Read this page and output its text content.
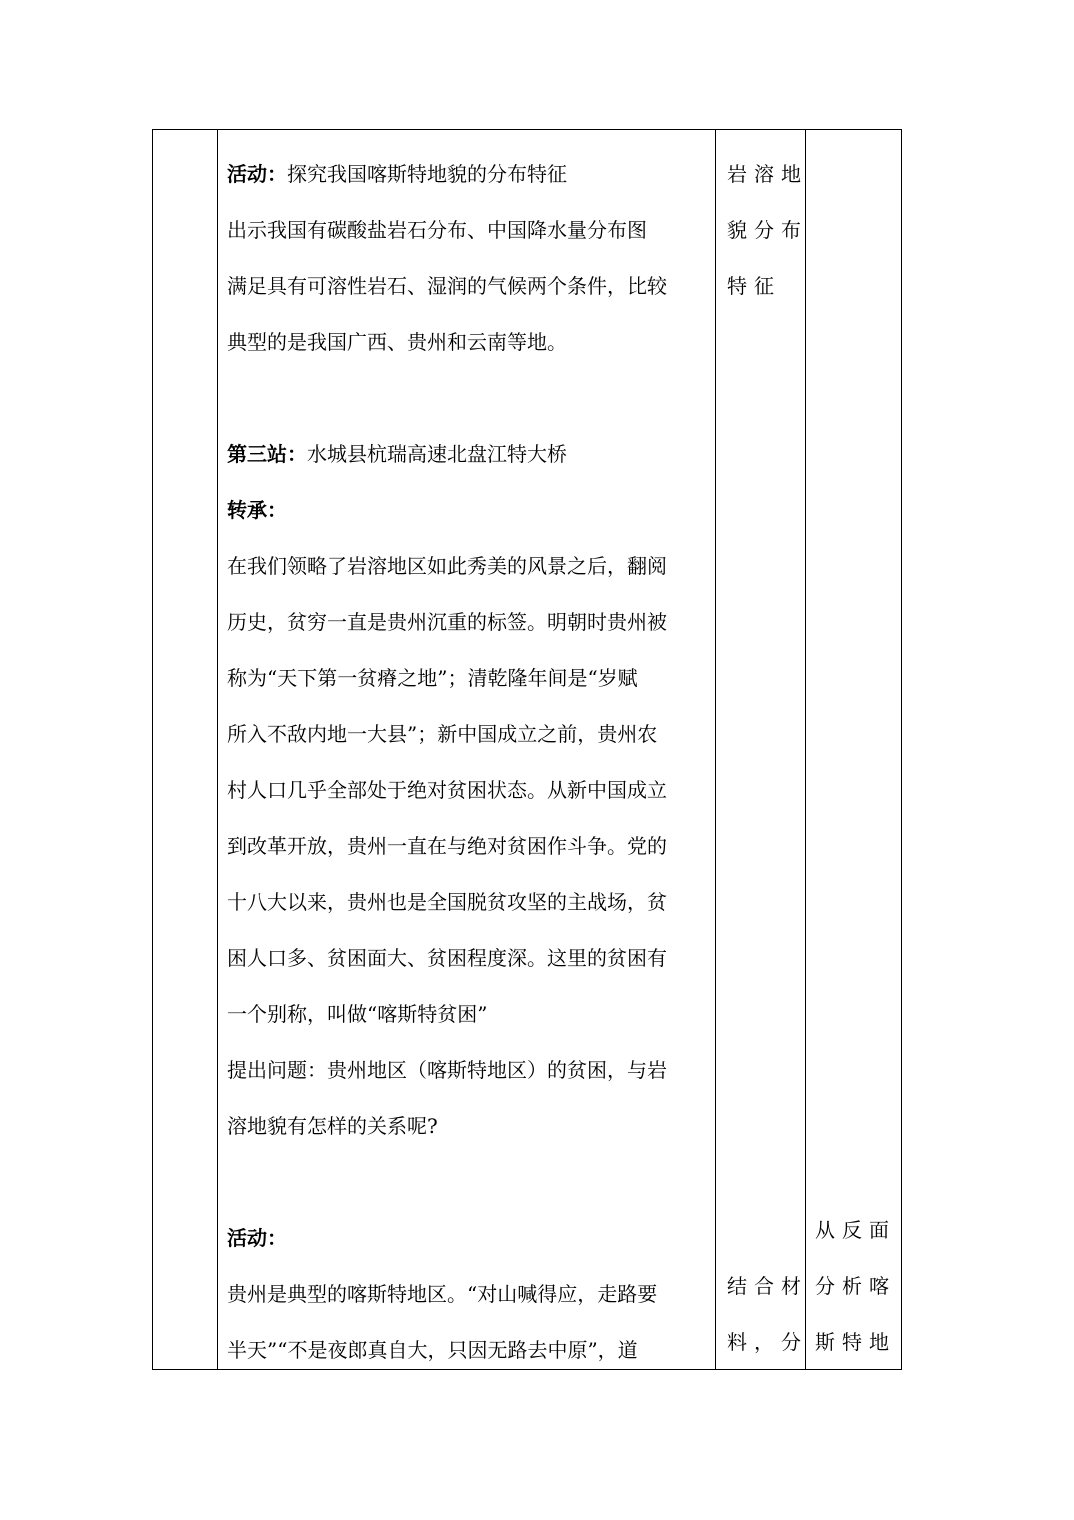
活动：探究我国喀斯特地貌的分布特征

出示我国有碳酸盐岩石分布、中国降水量分布图

满足具有可溶性岩石、湿润的气候两个条件，比较

典型的是我国广西、贵州和云南等地。

第三站：水城县杭瑞高速北盘江特大桥

转承：

在我们领略了岩溶地区如此秀美的风景之后，翻阅

历史，贫穷一直是贵州沉重的标签。明朝时贵州被

称为“天下第一贫瘠之地”；清乾隆年间是“岁赋

所入不敌内地一大县”；新中国成立之前，贵州农

村人口几乎全部处于绝对贫困状态。从新中国成立

到改革开放，贵州一直在与绝对贫困作斗争。党的

十八大以来，贵州也是全国脱贫攻坚的主战场，贫

困人口多、贫困面大、贫困程度深。这里的贫困有

一个别称，叫做“喀斯特贫困”

提出问题：贵州地区（喀斯特地区）的贫困，与岩

溶地貌有怎样的关系呢?

活动：

贵州是典型的喀斯特地区。“对山喊得应，走路要

半天”“不是夜郎真自大，只因无路去中原”，道

岩溶地

貌分布

特征

结合材

料，分

从反面

分析喀

斯特地
